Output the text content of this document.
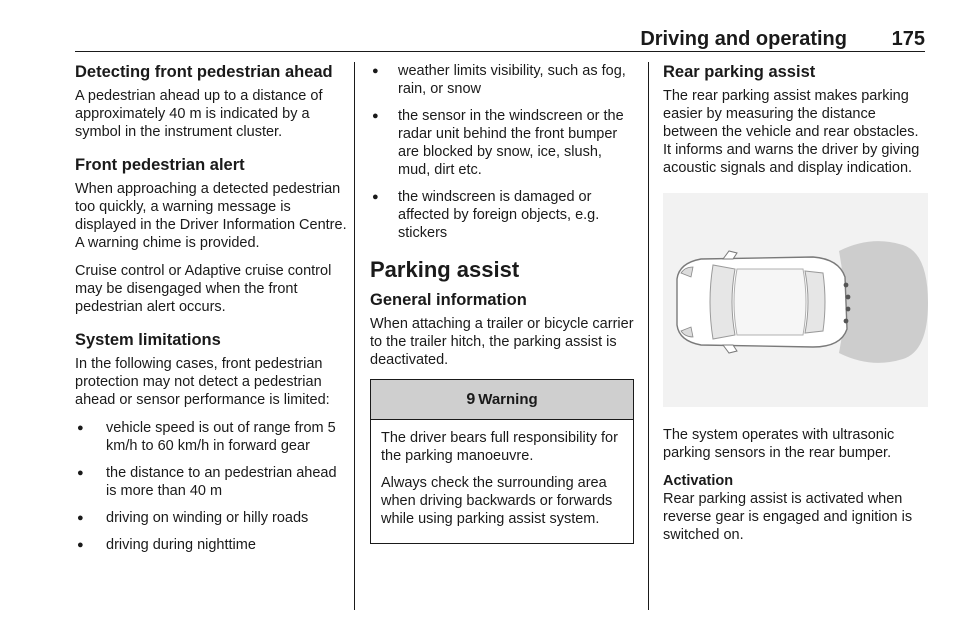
Driving and operating 175
Detecting front pedestrian ahead

A pedestrian ahead up to a distance of approximately 40 m is indicated by a symbol in the instrument cluster.

Front pedestrian alert

When approaching a detected pedestrian too quickly, a warning message is displayed in the Driver Information Centre. A warning chime is provided.

Cruise control or Adaptive cruise control may be disengaged when the front pedestrian alert occurs.

System limitations

In the following cases, front pedestrian protection may not detect a pedestrian ahead or sensor performance is limited:

● vehicle speed is out of range from 5 km/h to 60 km/h in forward gear
● the distance to an pedestrian ahead is more than 40 m
● driving on winding or hilly roads
● driving during nighttime
● weather limits visibility, such as fog, rain, or snow
● the sensor in the windscreen or the radar unit behind the front bumper are blocked by snow, ice, slush, mud, dirt etc.
● the windscreen is damaged or affected by foreign objects, e.g. stickers
Parking assist
General information

When attaching a trailer or bicycle carrier to the trailer hitch, the parking assist is deactivated.

9 Warning

The driver bears full responsibility for the parking manoeuvre.

Always check the surrounding area when driving backwards or forwards while using parking assist system.

Rear parking assist

The rear parking assist makes parking easier by measuring the distance between the vehicle and rear obstacles. It informs and warns the driver by giving acoustic signals and display indication.

The system operates with ultrasonic parking sensors in the rear bumper.

Activation

Rear parking assist is activated when reverse gear is engaged and ignition is switched on.
